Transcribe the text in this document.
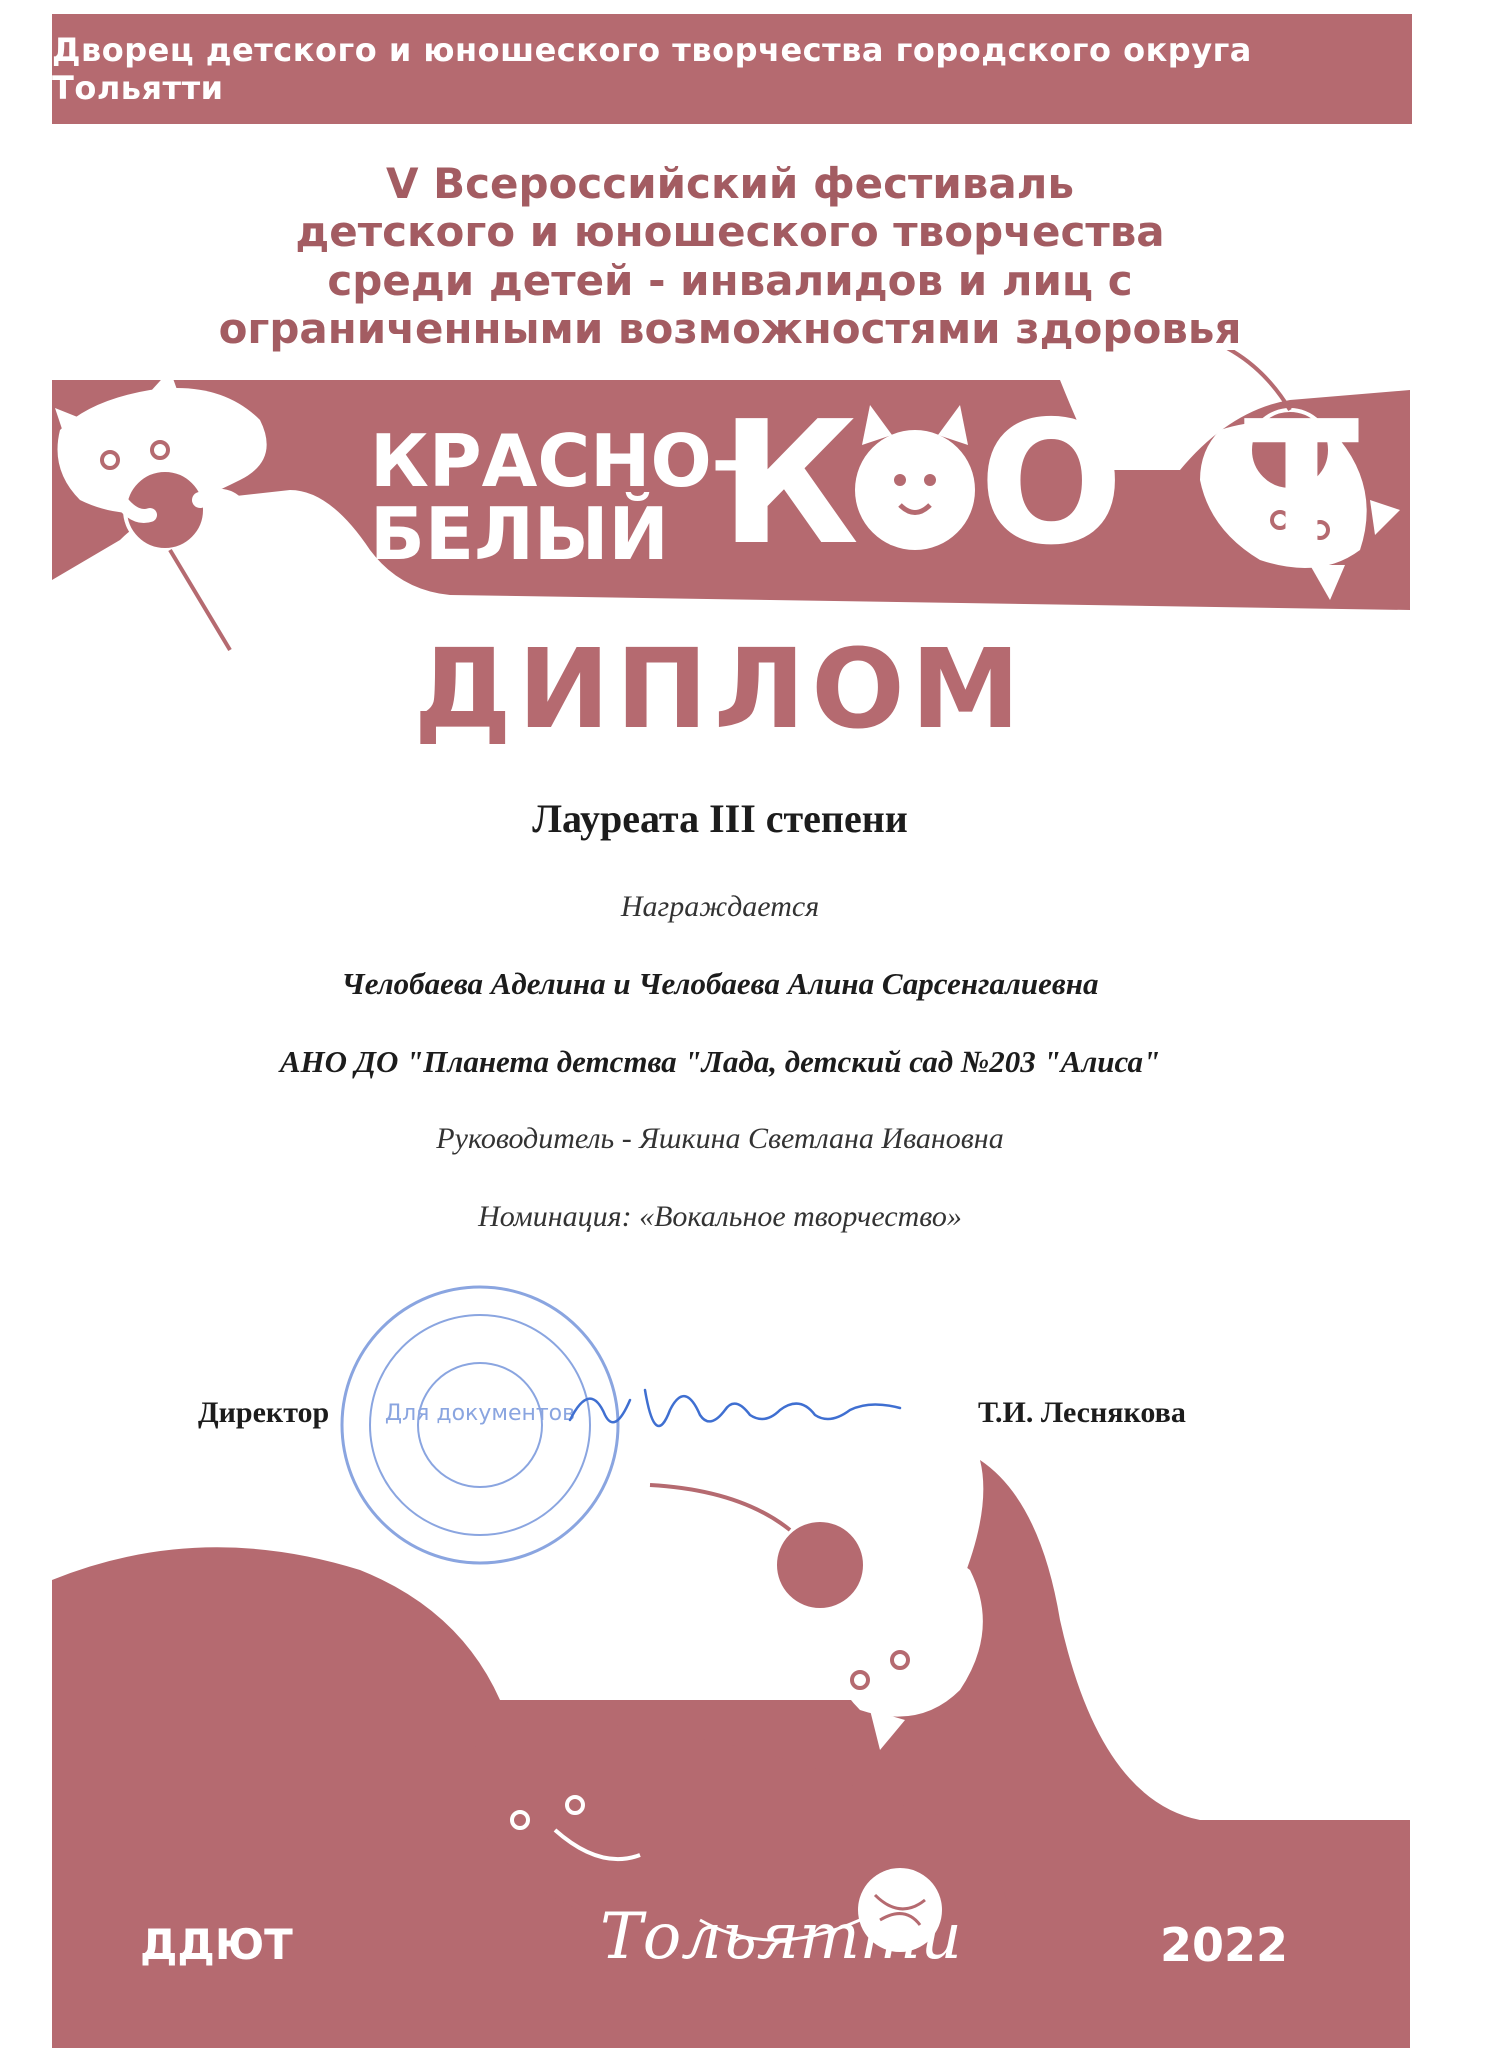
Дворец детского и юношеского творчества городского округа Тольятти
V Всероссийский фестиваль
детского и юношеского творчества
среди детей - инвалидов и лиц с
ограниченными возможностями здоровья
КРАСНО-
БЕЛЫЙ КОТ
ДИПЛОМ
Лауреата III степени
Награждается
Челобаева Аделина и Челобаева Алина Сарсенгалиевна
АНО ДО "Планета детства "Лада, детский сад №203 "Алиса"
Руководитель - Яшкина Светлана Ивановна
Номинация: «Вокальное творчество»
Для документов
Директор	Т.И. Леснякова
ДДЮТ	Тольятти	2022
